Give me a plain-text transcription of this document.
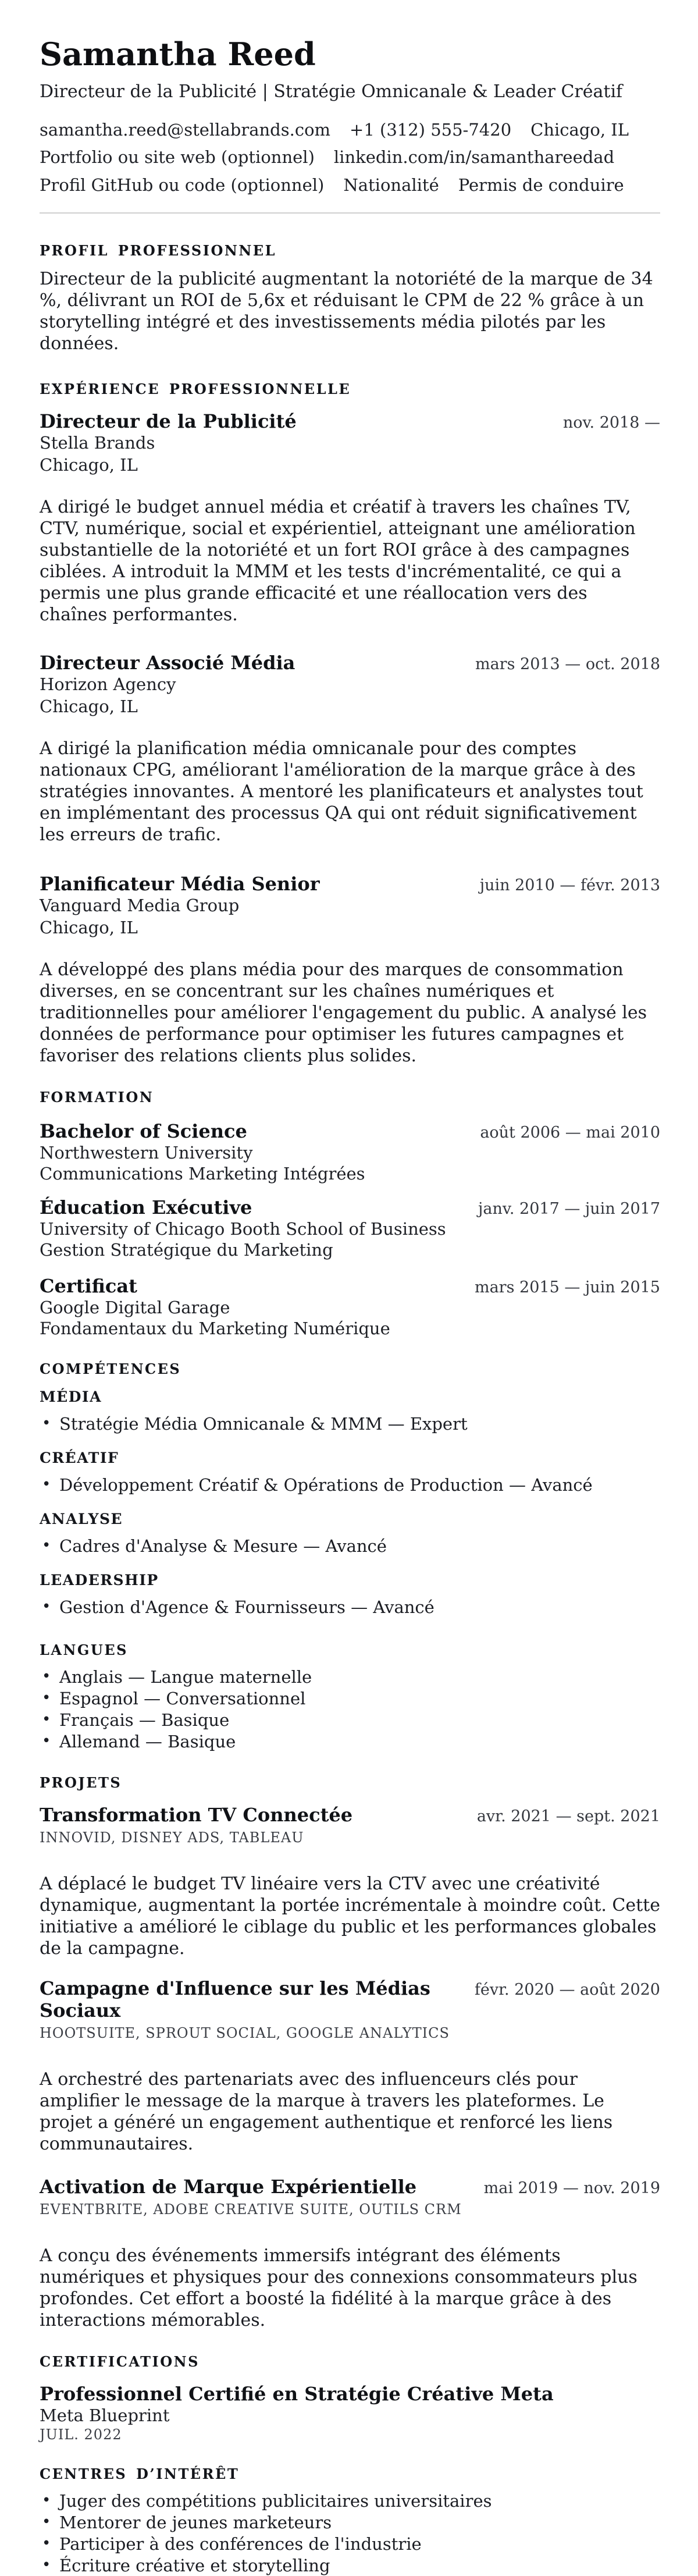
Samantha Reed
Directeur de la Publicité | Stratégie Omnicanale & Leader Créatif
samantha.reed@stellabrands.com +1 (312) 555-7420 Chicago, IL
Portfolio ou site web (optionnel) linkedin.com/in/samanthareedad
Profil GitHub ou code (optionnel) Nationalité Permis de conduire
PROFIL PROFESSIONNEL

Directeur de la publicité augmentant la notoriété de la marque de 34 %, délivrant un ROI de 5,6x et réduisant le CPM de 22 % grâce à un storytelling intégré et des investissements média pilotés par les données.

EXPÉRIENCE PROFESSIONNELLE
Directeur de la Publicité	nov. 2018 —
Stella Brands
Chicago, IL

A dirigé le budget annuel média et créatif à travers les chaînes TV, CTV, numérique, social et expérientiel, atteignant une amélioration substantielle de la notoriété et un fort ROI grâce à des campagnes ciblées. A introduit la MMM et les tests d'incrémentalité, ce qui a permis une plus grande efficacité et une réallocation vers des chaînes performantes.

Directeur Associé Média	mars 2013 — oct. 2018
Horizon Agency
Chicago, IL

A dirigé la planification média omnicanale pour des comptes nationaux CPG, améliorant l'amélioration de la marque grâce à des stratégies innovantes. A mentoré les planificateurs et analystes tout en implémentant des processus QA qui ont réduit significativement les erreurs de trafic.

Planificateur Média Senior	juin 2010 — févr. 2013
Vanguard Media Group
Chicago, IL

A développé des plans média pour des marques de consommation diverses, en se concentrant sur les chaînes numériques et traditionnelles pour améliorer l'engagement du public. A analysé les données de performance pour optimiser les futures campagnes et favoriser des relations clients plus solides.

FORMATION
Bachelor of Science	août 2006 — mai 2010
Northwestern University
Communications Marketing Intégrées
Éducation Exécutive	janv. 2017 — juin 2017
University of Chicago Booth School of Business
Gestion Stratégique du Marketing
Certificat	mars 2015 — juin 2015
Google Digital Garage
Fondamentaux du Marketing Numérique
COMPÉTENCES
MÉDIA
• Stratégie Média Omnicanale & MMM — Expert
CRÉATIF
• Développement Créatif & Opérations de Production — Avancé
ANALYSE
• Cadres d'Analyse & Mesure — Avancé
LEADERSHIP
• Gestion d'Agence & Fournisseurs — Avancé
LANGUES
• Anglais — Langue maternelle
• Espagnol — Conversationnel
• Français — Basique
• Allemand — Basique
PROJETS
Transformation TV Connectée	avr. 2021 — sept. 2021
INNOVID, DISNEY ADS, TABLEAU

A déplacé le budget TV linéaire vers la CTV avec une créativité dynamique, augmentant la portée incrémentale à moindre coût. Cette initiative a amélioré le ciblage du public et les performances globales de la campagne.

Campagne d'Influence sur les Médias Sociaux
févr. 2020 — août 2020
HOOTSUITE, SPROUT SOCIAL, GOOGLE ANALYTICS

A orchestré des partenariats avec des influenceurs clés pour amplifier le message de la marque à travers les plateformes. Le projet a généré un engagement authentique et renforcé les liens communautaires.

Activation de Marque Expérientielle	mai 2019 — nov. 2019
EVENTBRITE, ADOBE CREATIVE SUITE, OUTILS CRM

A conçu des événements immersifs intégrant des éléments numériques et physiques pour des connexions consommateurs plus profondes. Cet effort a boosté la fidélité à la marque grâce à des interactions mémorables.

CERTIFICATIONS
Professionnel Certifié en Stratégie Créative Meta
Meta Blueprint
JUIL. 2022
CENTRES D’INTÉRÊT
• Juger des compétitions publicitaires universitaires
• Mentorer de jeunes marketeurs
• Participer à des conférences de l'industrie
• Écriture créative et storytelling
